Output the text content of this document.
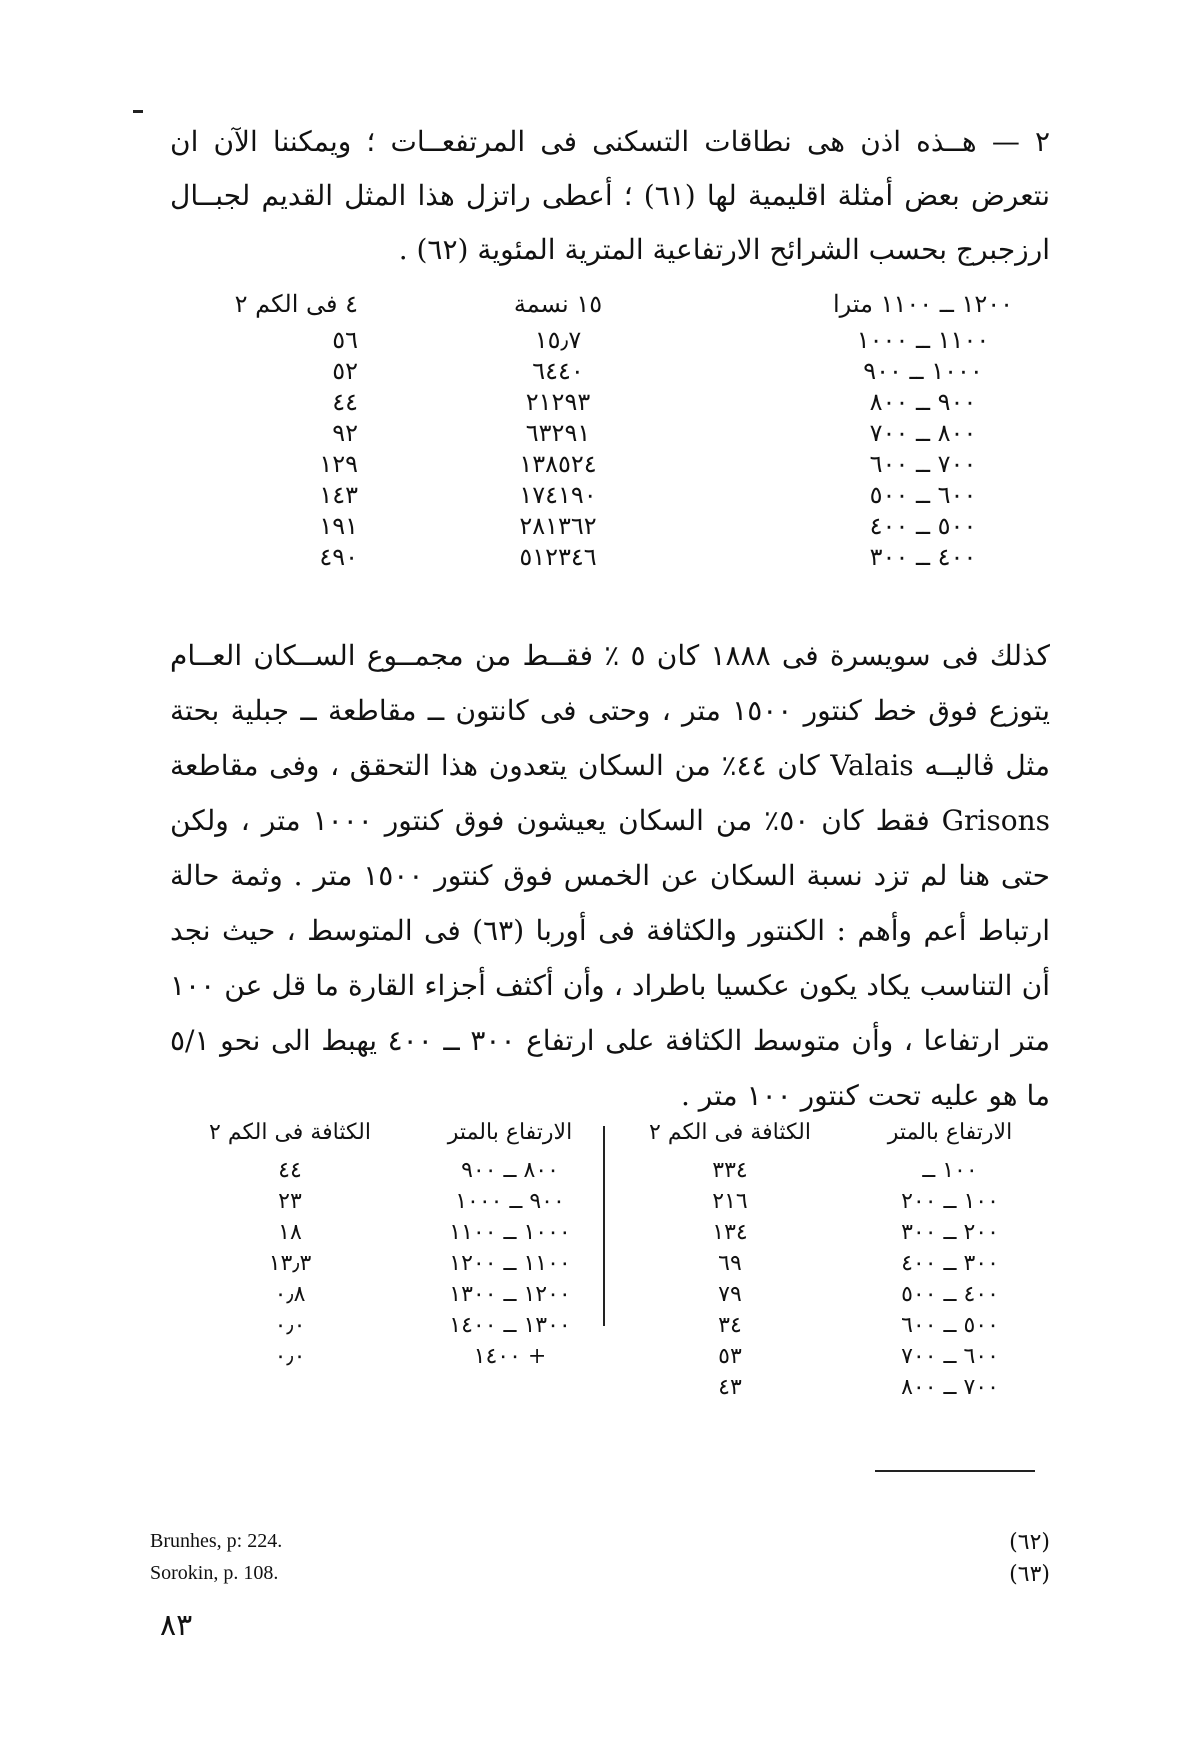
٢ — هــذه اذن هى نطاقات التسكنى فى المرتفعــات ؛ ويمكننا الآن ان نتعرض بعض أمثلة اقليمية لها (٦١) ؛ أعطى راتزل هذا المثل القديم لجبــال ارزجبرج بحسب الشرائح الارتفاعية المترية المئوية (٦٢) .

١٢٠٠ ــ ١١٠٠ مترا
١٥ نسمة
٤ فى الكم ٢
١١٠٠ ــ ١٠٠٠
١٥٫٧
٥٦
١٠٠٠ ــ ٩٠٠
٦٤٤٠
٥٢
٩٠٠ ــ ٨٠٠
٢١٢٩٣
٤٤
٨٠٠ ــ ٧٠٠
٦٣٢٩١
٩٢
٧٠٠ ــ ٦٠٠
١٣٨٥٢٤
١٢٩
٦٠٠ ــ ٥٠٠
١٧٤١٩٠
١٤٣
٥٠٠ ــ ٤٠٠
٢٨١٣٦٢
١٩١
٤٠٠ ــ ٣٠٠
٥١٢٣٤٦
٤٩٠

كذلك فى سويسرة فى ١٨٨٨ كان ٥ ٪ فقــط من مجمــوع الســكان العــام يتوزع فوق خط كنتور ١٥٠٠ متر ، وحتى فى كانتون ــ مقاطعة ــ جبلية بحتة مثل ڤاليــه Valais كان ٤٤٪ من السكان يتعدون هذا التحقق ، وفى مقاطعة Grisons فقط كان ٥٠٪ من السكان يعيشون فوق كنتور ١٠٠٠ متر ، ولكن حتى هنا لم تزد نسبة السكان عن الخمس فوق كنتور ١٥٠٠ متر . وثمة حالة ارتباط أعم وأهم : الكنتور والكثافة فى أوربا (٦٣) فى المتوسط ، حيث نجد أن التناسب يكاد يكون عكسيا باطراد ، وأن أكثف أجزاء القارة ما قل عن ١٠٠ متر ارتفاعا ، وأن متوسط الكثافة على ارتفاع ٣٠٠ ــ ٤٠٠ يهبط الى نحو ٥/١ ما هو عليه تحت كنتور ١٠٠ متر .

الارتفاع بالمتر
الكثافة فى الكم ٢
١٠٠ ــ
٣٣٤
١٠٠ ــ ٢٠٠
٢١٦
٢٠٠ ــ ٣٠٠
١٣٤
٣٠٠ ــ ٤٠٠
٦٩
٤٠٠ ــ ٥٠٠
٧٩
٥٠٠ ــ ٦٠٠
٣٤
٦٠٠ ــ ٧٠٠
٥٣
٧٠٠ ــ ٨٠٠
٤٣
الارتفاع بالمتر
الكثافة فى الكم ٢
٨٠٠ ــ ٩٠٠
٤٤
٩٠٠ ــ ١٠٠٠
٢٣
١٠٠٠ ــ ١١٠٠
١٨
١١٠٠ ــ ١٢٠٠
١٣٫٣
١٢٠٠ ــ ١٣٠٠
٠٫٨
١٣٠٠ ــ ١٤٠٠
٠٫٠
+ ١٤٠٠
٠٫٠
Brunhes, p: 224.	(٦٢)
Sorokin, p. 108.	(٦٣)
٨٣
